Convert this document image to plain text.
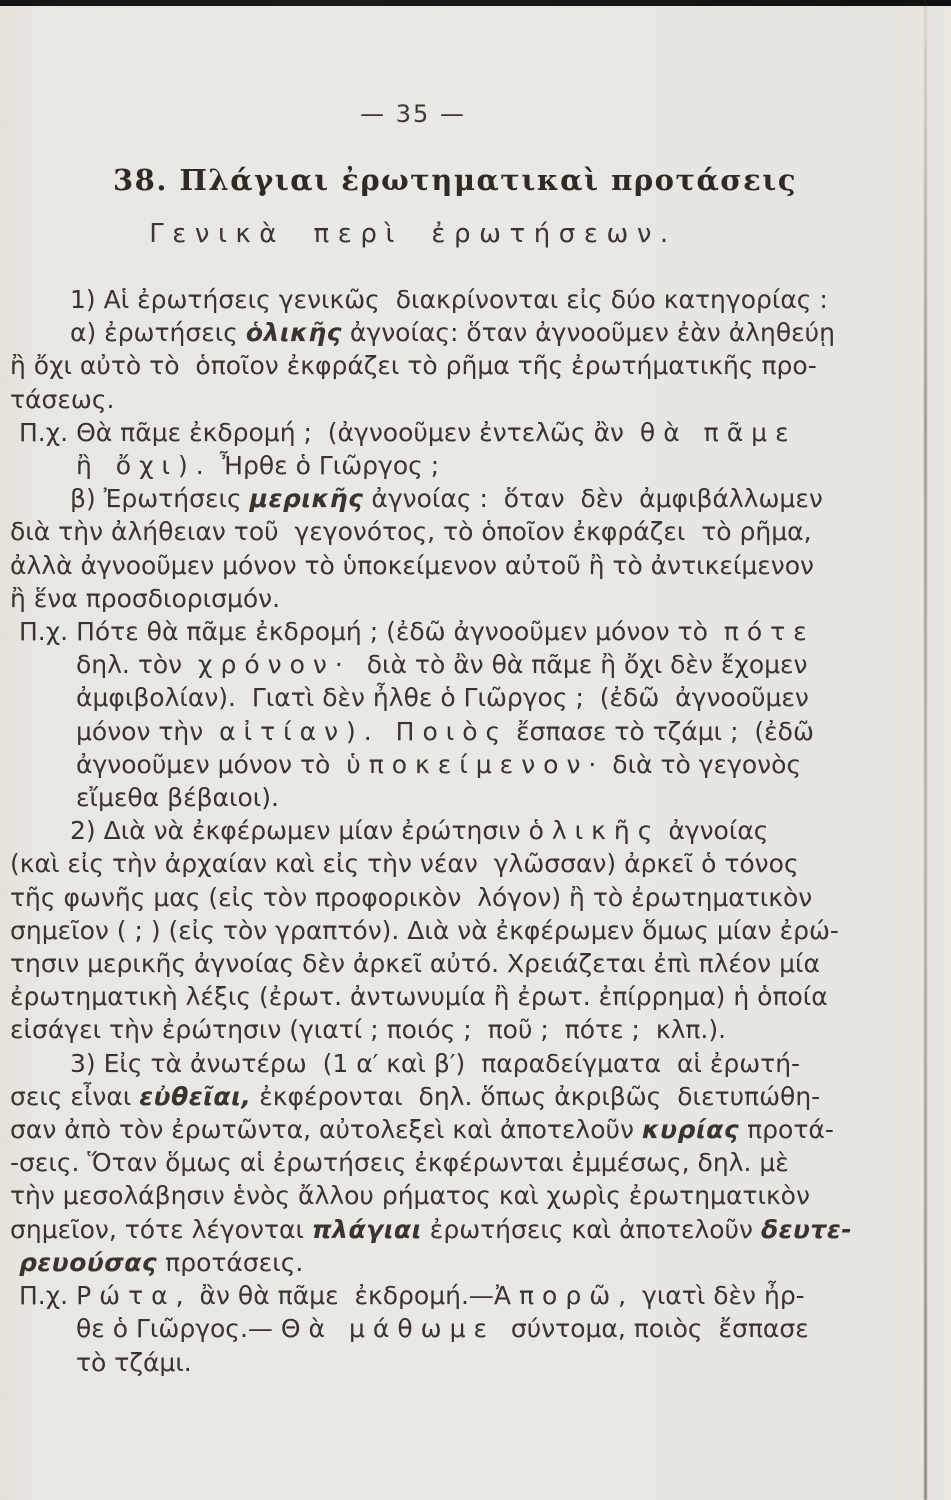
— 35 —
38. Πλάγιαι ἐρωτηματικαὶ προτάσεις
Γενικὰ περὶ ἐρωτήσεων.
1) Αἱ ἐρωτήσεις γενικῶς  διακρίνονται εἰς δύο κατηγορίας :
α) ἐρωτήσεις ὁλικῆς ἀγνοίας: ὅταν ἀγνοοῦμεν ἐὰν ἀληθεύῃ
ἢ ὄχι αὐτὸ τὸ  ὁποῖον ἐκφράζει τὸ ρῆμα τῆς ἐρωτήματικῆς προ-
τάσεως.
Π.χ. Θὰ πᾶμε ἐκδρομή ;  (ἀγνοοῦμεν ἐντελῶς ἂν  θὰ πᾶμε
ἢ ὄχι). Ἦρθε ὁ Γιῶργος ;
β) Ἐρωτήσεις μερικῆς ἀγνοίας :  ὅταν  δὲν  ἀμφιβάλλωμεν
διὰ τὴν ἀλήθειαν τοῦ  γεγονότος, τὸ ὁποῖον ἐκφράζει  τὸ ρῆμα,
ἀλλὰ ἀγνοοῦμεν μόνον τὸ ὑποκείμενον αὐτοῦ ἢ τὸ ἀντικείμενον
ἢ ἕνα προσδιορισμόν.
Π.χ. Πότε θὰ πᾶμε ἐκδρομή ; (ἐδῶ ἀγνοοῦμεν μόνον τὸ  πότε
δηλ. τὸν  χρόνον·  διὰ τὸ ἂν θὰ πᾶμε ἢ ὄχι δὲν ἔχομεν
ἀμφιβολίαν).  Γιατὶ δὲν ἦλθε ὁ Γιῶργος ;  (ἐδῶ  ἀγνοοῦμεν
μόνον τὴν  αἰτίαν). Ποιὸς ἔσπασε τὸ τζάμι ;  (ἐδῶ
ἀγνοοῦμεν μόνον τὸ  ὑποκείμενον· διὰ τὸ γεγονὸς
εἴμεθα βέβαιοι).
2) Διὰ νὰ ἐκφέρωμεν μίαν ἐρώτησιν ὁλικῆς ἀγνοίας
(καὶ εἰς τὴν ἀρχαίαν καὶ εἰς τὴν νέαν  γλῶσσαν) ἀρκεῖ ὁ τόνος
τῆς φωνῆς μας (εἰς τὸν προφορικὸν  λόγον) ἢ τὸ ἐρωτηματικὸν
σημεῖον ( ; ) (εἰς τὸν γραπτόν). Διὰ νὰ ἐκφέρωμεν ὅμως μίαν ἐρώ-
τησιν μερικῆς ἀγνοίας δὲν ἀρκεῖ αὐτό. Χρειάζεται ἐπὶ πλέον μία
ἐρωτηματικὴ λέξις (ἐρωτ. ἀντωνυμία ἢ ἐρωτ. ἐπίρρημα) ἡ ὁποία
εἰσάγει τὴν ἐρώτησιν (γιατί ; ποιός ;  ποῦ ;  πότε ;  κλπ.).
3) Εἰς τὰ ἀνωτέρω  (1 α′ καὶ β′)  παραδείγματα  αἱ ἐρωτή-
σεις εἶναι εὐθεῖαι, ἐκφέρονται  δηλ. ὅπως ἀκριβῶς  διετυπώθη-
σαν ἀπὸ τὸν ἐρωτῶντα, αὐτολεξεὶ καὶ ἀποτελοῦν κυρίας προτά-
-σεις. Ὅταν ὅμως αἱ ἐρωτήσεις ἐκφέρωνται ἐμμέσως, δηλ. μὲ
τὴν μεσολάβησιν ἑνὸς ἄλλου ρήματος καὶ χωρὶς ἐρωτηματικὸν
σημεῖον, τότε λέγονται πλάγιαι ἐρωτήσεις καὶ ἀποτελοῦν δευτε-
ρευούσας προτάσεις.
Π.χ. Ρώτα, ἂν θὰ πᾶμε  ἐκδρομή.—Ἀπορῶ, γιατὶ δὲν ἦρ-
θε ὁ Γιῶργος.— Θὰ μάθωμε  σύντομα, ποιὸς  ἔσπασε
τὸ τζάμι.
